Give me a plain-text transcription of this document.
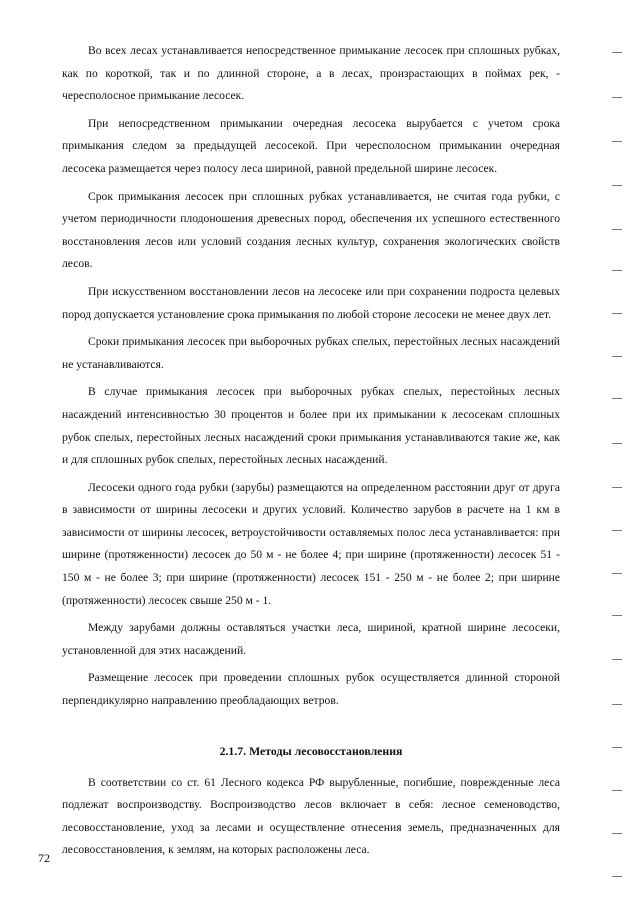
Во всех лесах устанавливается непосредственное примыкание лесосек при сплошных рубках, как по короткой, так и по длинной стороне, а в лесах, произрастающих в поймах рек, - чересполосное примыкание лесосек.

При непосредственном примыкании очередная лесосека вырубается с учетом срока примыкания следом за предыдущей лесосекой. При чересполосном примыкании очередная лесосека размещается через полосу леса шириной, равной предельной ширине лесосек.

Срок примыкания лесосек при сплошных рубках устанавливается, не считая года рубки, с учетом периодичности плодоношения древесных пород, обеспечения их успешного естественного восстановления лесов или условий создания лесных культур, сохранения экологических свойств лесов.

При искусственном восстановлении лесов на лесосеке или при сохранении подроста целевых пород допускается установление срока примыкания по любой стороне лесосеки не менее двух лет.

Сроки примыкания лесосек при выборочных рубках спелых, перестойных лесных насаждений не устанавливаются.

В случае примыкания лесосек при выборочных рубках спелых, перестойных лесных насаждений интенсивностью 30 процентов и более при их примыкании к лесосекам сплошных рубок спелых, перестойных лесных насаждений сроки примыкания устанавливаются такие же, как и для сплошных рубок спелых, перестойных лесных насаждений.

Лесосеки одного года рубки (зарубы) размещаются на определенном расстоянии друг от друга в зависимости от ширины лесосеки и других условий. Количество зарубов в расчете на 1 км в зависимости от ширины лесосек, ветроустойчивости оставляемых полос леса устанавливается: при ширине (протяженности) лесосек до 50 м - не более 4; при ширине (протяженности) лесосек 51 - 150 м - не более 3; при ширине (протяженности) лесосек 151 - 250 м - не более 2; при ширине (протяженности) лесосек свыше 250 м - 1.

Между зарубами должны оставляться участки леса, шириной, кратной ширине лесосеки, установленной для этих насаждений.

Размещение лесосек при проведении сплошных рубок осуществляется длинной стороной перпендикулярно направлению преобладающих ветров.

2.1.7. Методы лесовосстановления

В соответствии со ст. 61 Лесного кодекса РФ вырубленные, погибшие, поврежденные леса подлежат воспроизводству. Воспроизводство лесов включает в себя: лесное семеноводство, лесовосстановление, уход за лесами и осуществление отнесения земель, предназначенных для лесовосстановления, к землям, на которых расположены леса.

72
